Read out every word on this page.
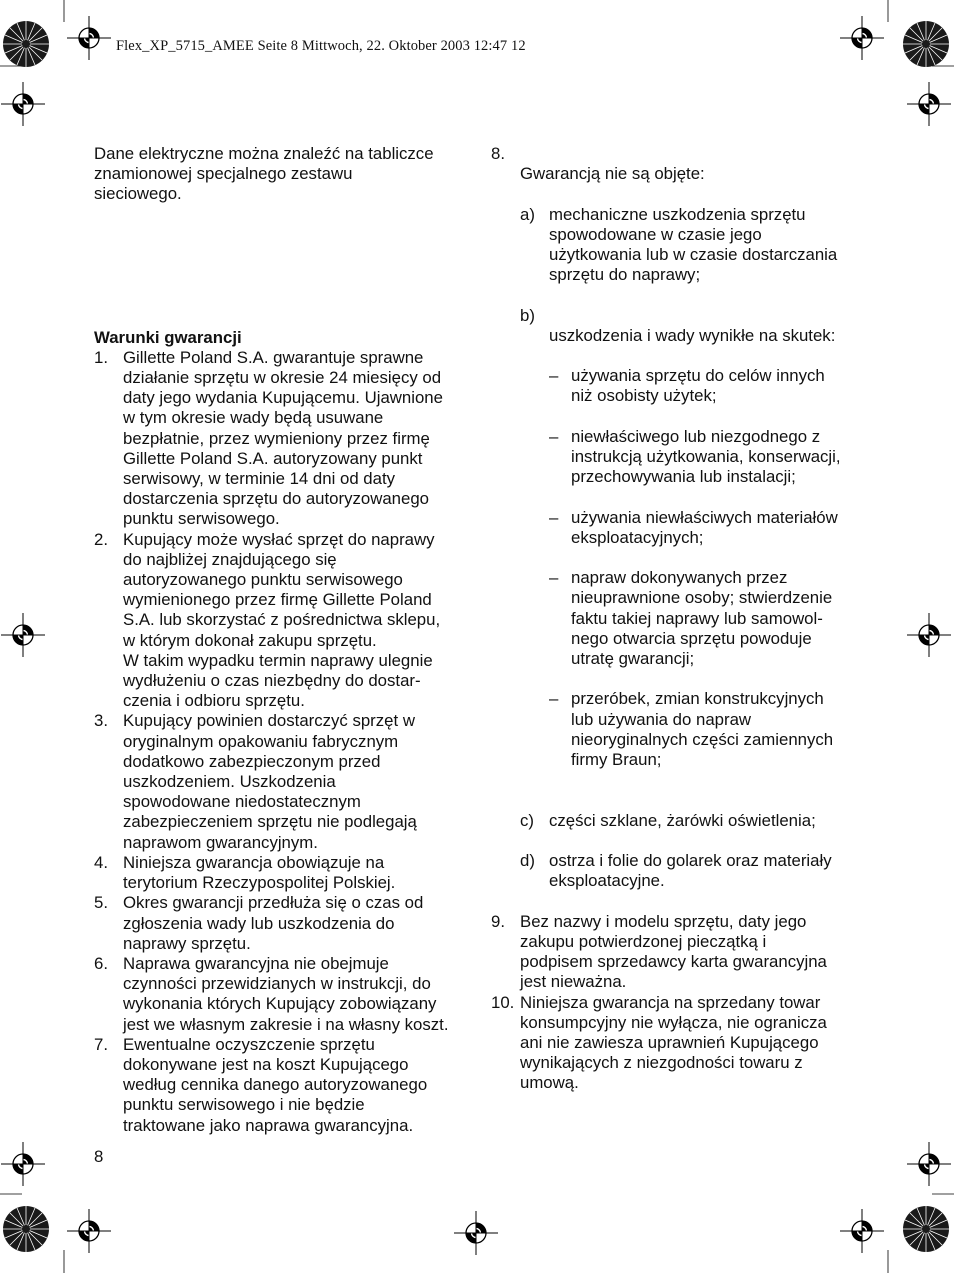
Flex_XP_5715_AMEE Seite 8 Mittwoch, 22. Oktober 2003 12:47 12
Dane elektryczne można znaleźć na tabliczce
znamionowej specjalnego zestawu
sieciowego.
Warunki gwarancji
1. Gillette Poland S.A. gwarantuje sprawne
działanie sprzętu w okresie 24 miesięcy od
daty jego wydania Kupującemu. Ujawnione
w tym okresie wady będą usuwane
bezpłatnie, przez wymieniony przez firmę
Gillette Poland S.A. autoryzowany punkt
serwisowy, w terminie 14 dni od daty
dostarczenia sprzętu do autoryzowanego
punktu serwisowego.
2. Kupujący może wysłać sprzęt do naprawy
do najbliżej znajdującego się
autoryzowanego punktu serwisowego
wymienionego przez firmę Gillette Poland
S.A. lub skorzystać z pośrednictwa sklepu,
w którym dokonał zakupu sprzętu.
W takim wypadku termin naprawy ulegnie
wydłużeniu o czas niezbędny do dostar-
czenia i odbioru sprzętu.
3. Kupujący powinien dostarczyć sprzęt w
oryginalnym opakowaniu fabrycznym
dodatkowo zabezpieczonym przed
uszkodzeniem. Uszkodzenia
spowodowane niedostatecznym
zabezpieczeniem sprzętu nie podlegają
naprawom gwarancyjnym.
4. Niniejsza gwarancja obowiązuje na
terytorium Rzeczypospolitej Polskiej.
5. Okres gwarancji przedłuża się o czas od
zgłoszenia wady lub uszkodzenia do
naprawy sprzętu.
6. Naprawa gwarancyjna nie obejmuje
czynności przewidzianych w instrukcji, do
wykonania których Kupujący zobowiązany
jest we własnym zakresie i na własny koszt.
7. Ewentualne oczyszczenie sprzętu
dokonywane jest na koszt Kupującego
według cennika danego autoryzowanego
punktu serwisowego i nie będzie
traktowane jako naprawa gwarancyjna.
8.

Gwarancją nie są objęte:

a) mechaniczne uszkodzenia sprzętu
spowodowane w czasie jego
użytkowania lub w czasie dostarczania
sprzętu do naprawy;

b)

uszkodzenia i wady wynikłe na skutek:

– używania sprzętu do celów innych
niż osobisty użytek;

– niewłaściwego lub niezgodnego z
instrukcją użytkowania, konserwacji,
przechowywania lub instalacji;

– używania niewłaściwych materiałów
eksploatacyjnych;

– napraw dokonywanych przez
nieuprawnione osoby; stwierdzenie
faktu takiej naprawy lub samowol-
nego otwarcia sprzętu powoduje
utratę gwarancji;

– przeróbek, zmian konstrukcyjnych
lub używania do napraw
nieoryginalnych części zamiennych
firmy Braun;

c) części szklane, żarówki oświetlenia;

d) ostrza i folie do golarek oraz materiały
eksploatacyjne.

9. Bez nazwy i modelu sprzętu, daty jego
zakupu potwierdzonej pieczątką i
podpisem sprzedawcy karta gwarancyjna
jest nieważna.
10. Niniejsza gwarancja na sprzedany towar
konsumpcyjny nie wyłącza, nie ogranicza
ani nie zawiesza uprawnień Kupującego
wynikających z niezgodności towaru z
umową.
8
